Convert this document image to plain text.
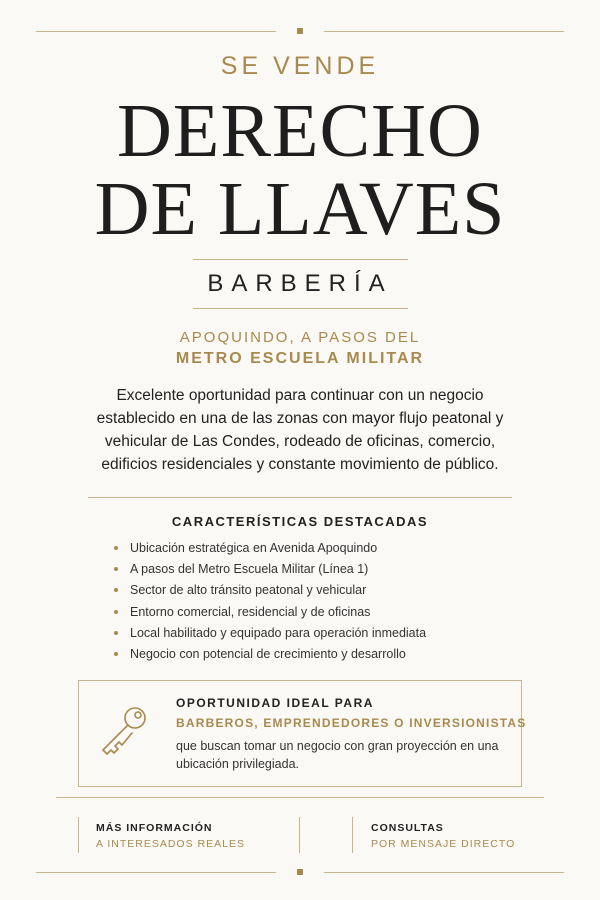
SE VENDE
DERECHO
DE LLAVES
BARBERÍA
APOQUINDO, A PASOS DEL
METRO ESCUELA MILITAR
Excelente oportunidad para continuar con un negocio establecido en una de las zonas con mayor flujo peatonal y vehicular de Las Condes, rodeado de oficinas, comercio, edificios residenciales y constante movimiento de público.
CARACTERÍSTICAS DESTACADAS
Ubicación estratégica en Avenida Apoquindo
A pasos del Metro Escuela Militar (Línea 1)
Sector de alto tránsito peatonal y vehicular
Entorno comercial, residencial y de oficinas
Local habilitado y equipado para operación inmediata
Negocio con potencial de crecimiento y desarrollo
OPORTUNIDAD IDEAL PARA
BARBEROS, EMPRENDEDORES O INVERSIONISTAS
que buscan tomar un negocio con gran proyección en una ubicación privilegiada.
MÁS INFORMACIÓN
A INTERESADOS REALES
CONSULTAS
POR MENSAJE DIRECTO
